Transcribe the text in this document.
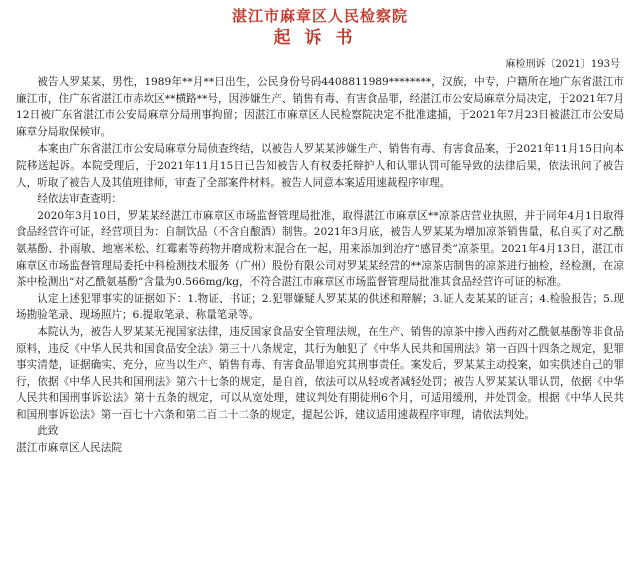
湛江市麻章区人民检察院
起诉书
麻检刑诉〔2021〕193号

被告人罗某某，男性，1989年**月**日出生，公民身份号码4408811989********，汉族，中专，户籍所在地广东省湛江市廉江市，住广东省湛江市赤坎区**横路**号，因涉嫌生产、销售有毒、有害食品罪，经湛江市公安局麻章分局决定，于2021年7月12日被广东省湛江市公安局麻章分局刑事拘留；因湛江市麻章区人民检察院决定不批准逮捕，于2021年7月23日被湛江市公安局麻章分局取保候审。

本案由广东省湛江市公安局麻章分局侦查终结，以被告人罗某某涉嫌生产、销售有毒、有害食品案，于2021年11月15日向本院移送起诉。本院受理后，于2021年11月15日已告知被告人有权委托辩护人和认罪认罚可能导致的法律后果，依法讯问了被告人，听取了被告人及其值班律师，审查了全部案件材料。被告人同意本案适用速裁程序审理。

经依法审查查明：

2020年3月10日，罗某某经湛江市麻章区市场监督管理局批准，取得湛江市麻章区**凉茶店营业执照，并于同年4月1日取得食品经营许可证，经营项目为：自制饮品（不含自酿酒）制售。2021年3月底，被告人罗某某为增加凉茶销售量，私自买了对乙酰氨基酚、扑雨敏、地塞米松、红霉素等药物并磨成粉末混合在一起，用来添加到治疗“感冒类”凉茶里。2021年4月13日，湛江市麻章区市场监督管理局委托中科检测技术服务（广州）股份有限公司对罗某某经营的**凉茶店制售的凉茶进行抽检，经检测，在凉茶中检测出“对乙酰氨基酚”含量为0.566mg/kg，不符合湛江市麻章区市场监督管理局批准其食品经营许可证的标准。

认定上述犯罪事实的证据如下：1.物证、书证；2.犯罪嫌疑人罗某某的供述和辩解；3.证人麦某某的证言；4.检验报告；5.现场勘验笔录、现场照片；6.提取笔录、称量笔录等。

本院认为，被告人罗某某无视国家法律，违反国家食品安全管理法规，在生产、销售的凉茶中掺入西药对乙酰氨基酚等非食品原料，违反《中华人民共和国食品安全法》第三十八条规定，其行为触犯了《中华人民共和国刑法》第一百四十四条之规定，犯罪事实清楚，证据确实、充分，应当以生产、销售有毒、有害食品罪追究其刑事责任。案发后，罗某某主动投案，如实供述自己的罪行，依据《中华人民共和国刑法》第六十七条的规定，是自首，依法可以从轻或者减轻处罚；被告人罗某某认罪认罚，依据《中华人民共和国刑事诉讼法》第十五条的规定，可以从宽处理，建议判处有期徒刑6个月，可适用缓刑，并处罚金。根据《中华人民共和国刑事诉讼法》第一百七十六条和第二百二十二条的规定，提起公诉，建议适用速裁程序审理，请依法判处。

此致

湛江市麻章区人民法院
